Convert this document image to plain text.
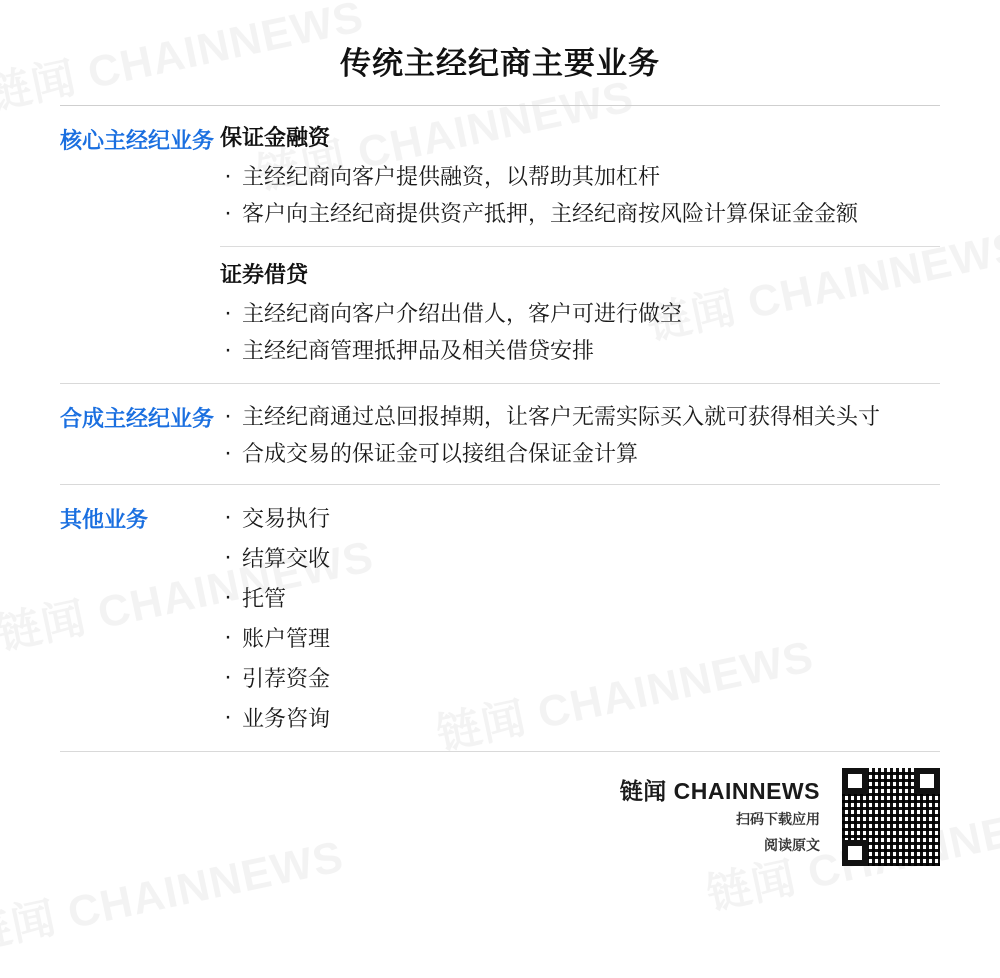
传统主经纪商主要业务
核心主经纪业务 保证金融资
· 主经纪商向客户提供融资，以帮助其加杠杆
· 客户向主经纪商提供资产抵押，主经纪商按风险计算保证金金额
证券借贷
· 主经纪商向客户介绍出借人，客户可进行做空
· 主经纪商管理抵押品及相关借贷安排
合成主经纪业务	· 主经纪商通过总回报掉期，让客户无需实际买入就可获得相关头寸
· 合成交易的保证金可以接组合保证金计算
其他业务	· 交易执行
· 结算交收
· 托管
· 账户管理
· 引荐资金
· 业务咨询
链闻 CHAINNEWS
扫码下载应用
阅读原文
